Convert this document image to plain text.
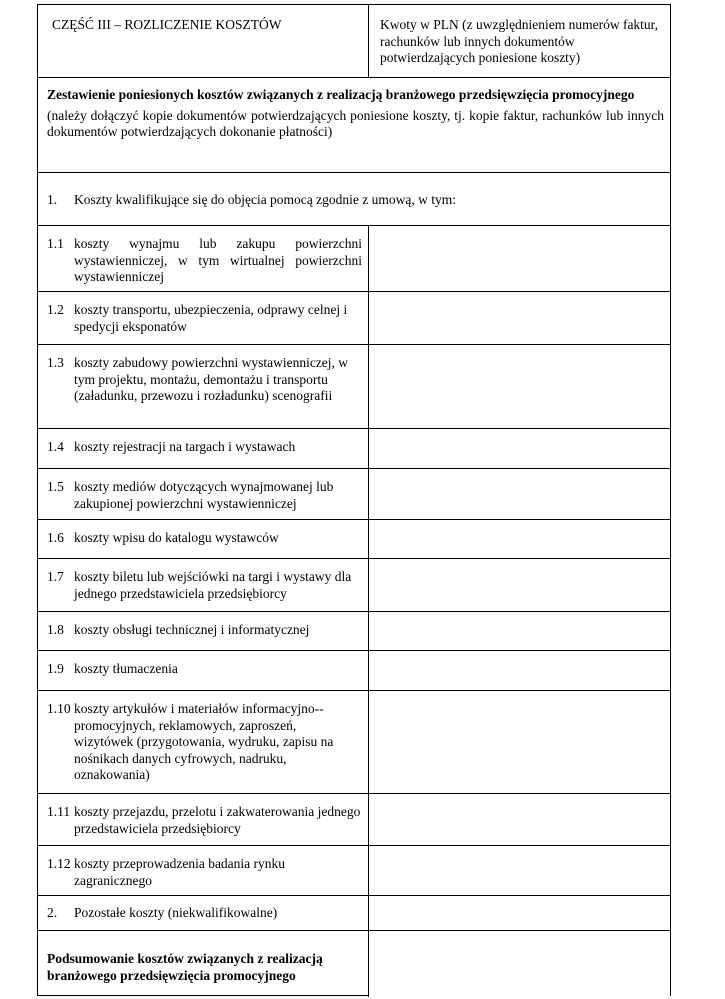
CZĘŚĆ III – ROZLICZENIE KOSZTÓW	Kwoty w PLN (z uwzględnieniem numerów faktur, rachunków lub innych dokumentów potwierdzających poniesione koszty)
Zestawienie poniesionych kosztów związanych z realizacją branżowego przedsięwzięcia promocyjnego
(należy dołączyć kopie dokumentów potwierdzających poniesione koszty, tj. kopie faktur, rachunków lub innych dokumentów potwierdzających dokonanie płatności)
1.	Koszty kwalifikujące się do objęcia pomocą zgodnie z umową, w tym:
1.1 koszty wynajmu lub zakupu powierzchni wystawienniczej, w tym wirtualnej powierzchni wystawienniczej
1.2 koszty transportu, ubezpieczenia, odprawy celnej i spedycji eksponatów
1.3 koszty zabudowy powierzchni wystawienniczej, w tym projektu, montażu, demontażu i transportu (załadunku, przewozu i rozładunku) scenografii
1.4 koszty rejestracji na targach i wystawach
1.5 koszty mediów dotyczących wynajmowanej lub zakupionej powierzchni wystawienniczej
1.6 koszty wpisu do katalogu wystawców
1.7 koszty biletu lub wejściówki na targi i wystawy dla jednego przedstawiciela przedsiębiorcy
1.8 koszty obsługi technicznej i informatycznej
1.9 koszty tłumaczenia
1.10 koszty artykułów i materiałów informacyjno--promocyjnych, reklamowych, zaproszeń, wizytówek (przygotowania, wydruku, zapisu na nośnikach danych cyfrowych, nadruku, oznakowania)
1.11 koszty przejazdu, przelotu i zakwaterowania jednego przedstawiciela przedsiębiorcy
1.12 koszty przeprowadzenia badania rynku zagranicznego
2.	Pozostałe koszty (niekwalifikowalne)
Podsumowanie kosztów związanych z realizacją branżowego przedsięwzięcia promocyjnego
